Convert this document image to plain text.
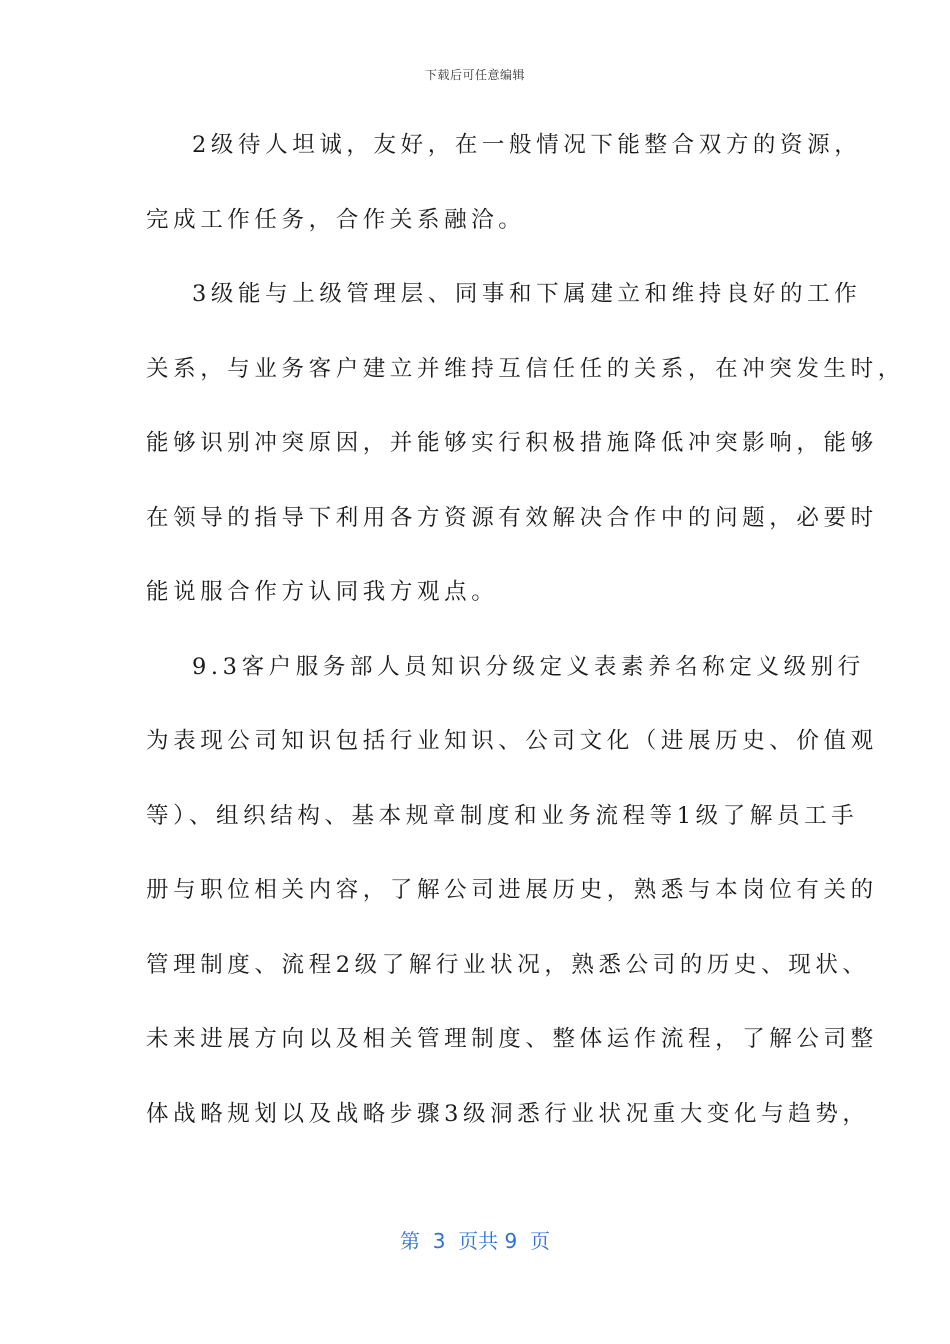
下载后可任意编辑
2级待人坦诚，友好，在一般情况下能整合双方的资源，
完成工作任务，合作关系融洽。
3级能与上级管理层、同事和下属建立和维持良好的工作
关系，与业务客户建立并维持互信任任的关系，在冲突发生时，
能够识别冲突原因，并能够实行积极措施降低冲突影响，能够
在领导的指导下利用各方资源有效解决合作中的问题，必要时
能说服合作方认同我方观点。
9.3客户服务部人员知识分级定义表素养名称定义级别行
为表现公司知识包括行业知识、公司文化（进展历史、价值观
等）、组织结构、基本规章制度和业务流程等1级了解员工手
册与职位相关内容，了解公司进展历史，熟悉与本岗位有关的
管理制度、流程2级了解行业状况，熟悉公司的历史、现状、
未来进展方向以及相关管理制度、整体运作流程，了解公司整
体战略规划以及战略步骤3级洞悉行业状况重大变化与趋势，
第  3  页共 9  页
